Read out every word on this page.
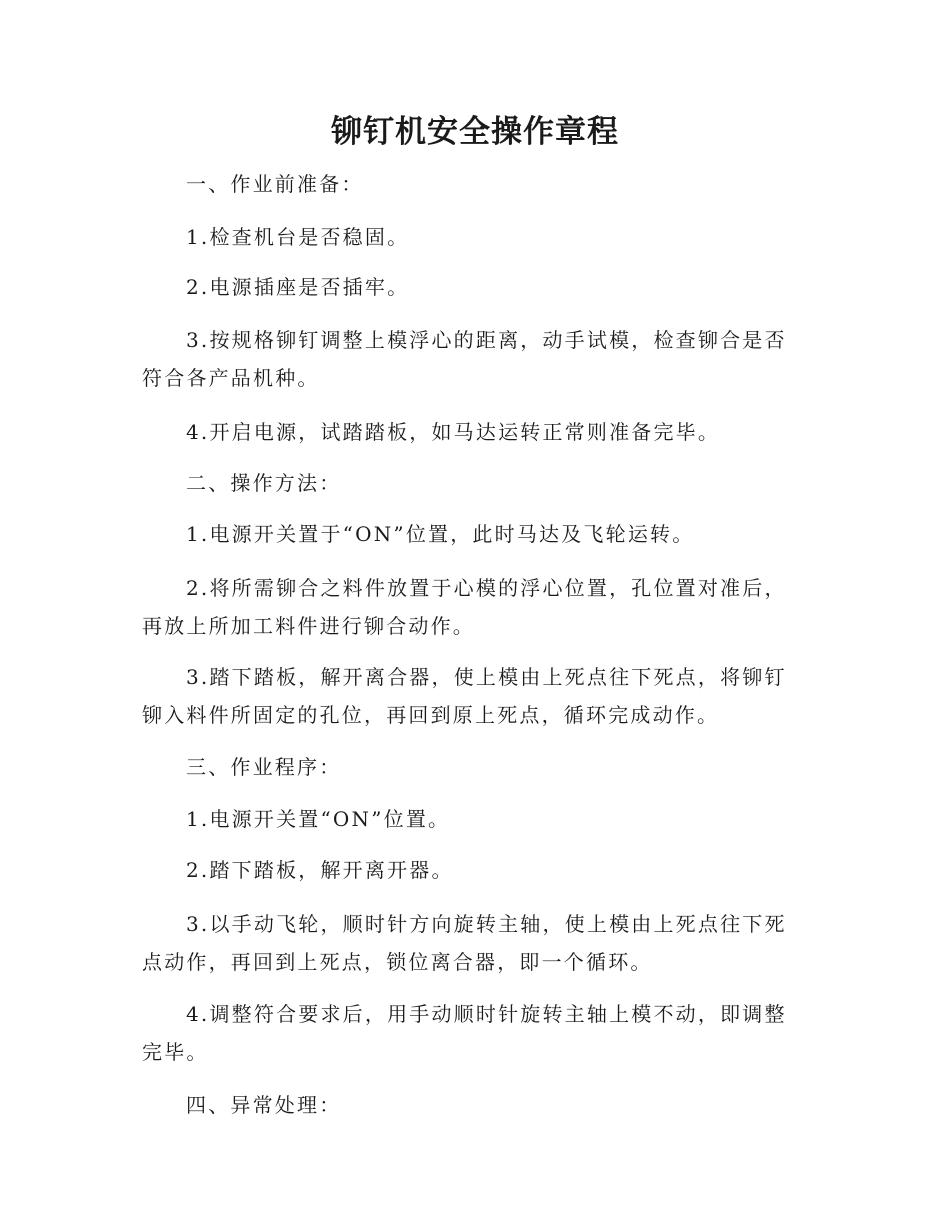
铆钉机安全操作章程

一、作业前准备：

1.检查机台是否稳固。

2.电源插座是否插牢。

3.按规格铆钉调整上模浮心的距离，动手试模，检查铆合是否符合各产品机种。

4.开启电源，试踏踏板，如马达运转正常则准备完毕。

二、操作方法：

1.电源开关置于“ON”位置，此时马达及飞轮运转。

2.将所需铆合之料件放置于心模的浮心位置，孔位置对准后，再放上所加工料件进行铆合动作。

3.踏下踏板，解开离合器，使上模由上死点往下死点，将铆钉铆入料件所固定的孔位，再回到原上死点，循环完成动作。

三、作业程序：

1.电源开关置“ON”位置。

2.踏下踏板，解开离开器。

3.以手动飞轮，顺时针方向旋转主轴，使上模由上死点往下死点动作，再回到上死点，锁位离合器，即一个循环。

4.调整符合要求后，用手动顺时针旋转主轴上模不动，即调整完毕。

四、异常处理：
